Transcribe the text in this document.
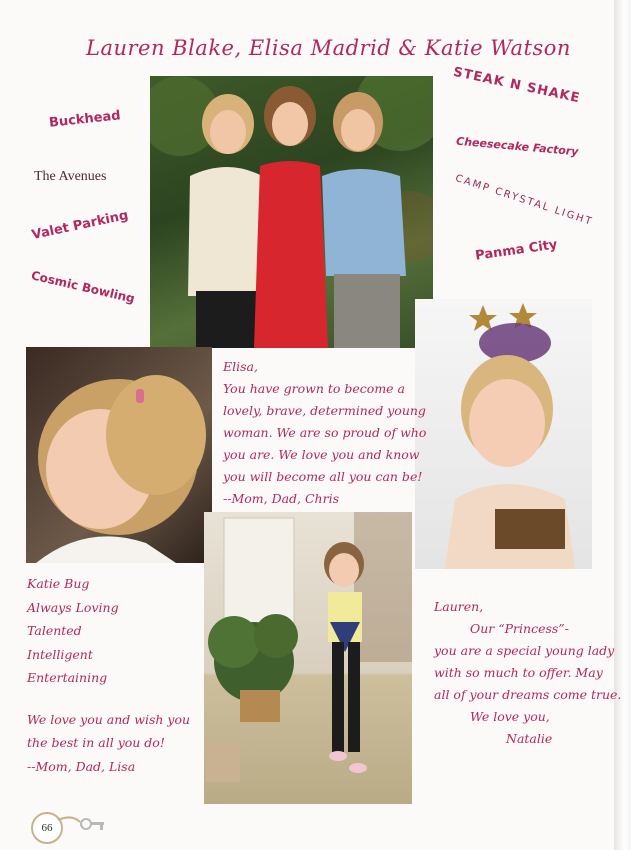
Lauren Blake, Elisa Madrid & Katie Watson
Buckhead
The Avenues
Valet Parking
Cosmic Bowling
STEAK N SHAKE
Cheesecake Factory
CAMP CRYSTAL LIGHT
Panma City
Elisa,
You have grown to become a
lovely, brave, determined young
woman. We are so proud of who
you are. We love you and know
you will become all you can be!
--Mom, Dad, Chris
Katie Bug
Always Loving
Talented
Intelligent
Entertaining
We love you and wish you
the best in all you do!
--Mom, Dad, Lisa
Lauren,
Our “Princess”-
you are a special young lady
with so much to offer. May
all of your dreams come true.
We love you,
Natalie
66
